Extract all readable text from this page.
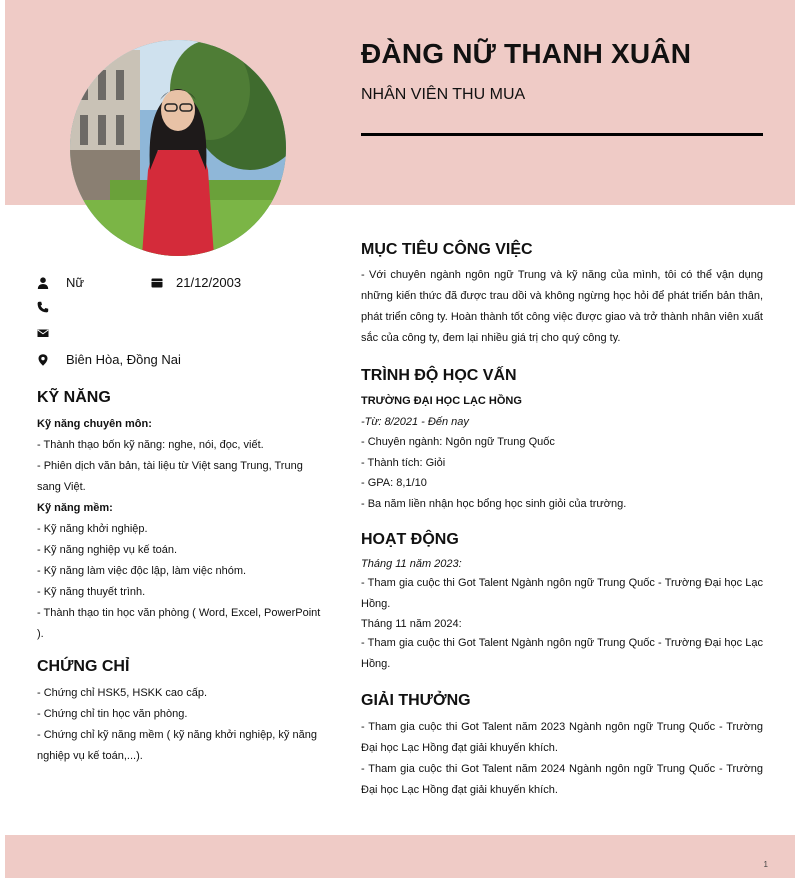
1
ĐÀNG NỮ THANH XUÂN
NHÂN VIÊN THU MUA
Nữ	21/12/2003
Biên Hòa, Đồng Nai
KỸ NĂNG

Kỹ năng chuyên môn:

- Thành thạo bốn kỹ năng: nghe, nói, đọc, viết.

- Phiên dịch văn bản, tài liệu từ Việt sang Trung, Trung sang Việt.

Kỹ năng mềm:

- Kỹ năng khởi nghiệp.

- Kỹ năng nghiệp vụ kế toán.

- Kỹ năng làm việc độc lập, làm việc nhóm.

- Kỹ năng thuyết trình.

- Thành thạo tin học văn phòng ( Word, Excel, PowerPoint ).

CHỨNG CHỈ

- Chứng chỉ HSK5, HSKK cao cấp.

- Chứng chỉ tin học văn phòng.

- Chứng chỉ kỹ năng mềm ( kỹ năng khởi nghiệp, kỹ năng nghiệp vụ kế toán,...).

MỤC TIÊU CÔNG VIỆC
- Với chuyên ngành ngôn ngữ Trung và kỹ năng của mình, tôi có thể vận dụng những kiến thức đã được trau dồi và không ngừng học hỏi để phát triển bản thân, phát triển công ty. Hoàn thành tốt công việc được giao và trở thành nhân viên xuất sắc của công ty, đem lại nhiều giá trị cho quý công ty.
TRÌNH ĐỘ HỌC VẤN

TRƯỜNG ĐẠI HỌC LẠC HỒNG

-Từ: 8/2021 - Đến nay

- Chuyên ngành: Ngôn ngữ Trung Quốc

- Thành tích: Giỏi

- GPA: 8,1/10

- Ba năm liền nhận học bổng học sinh giỏi của trường.

HOẠT ĐỘNG

Tháng 11 năm 2023:

- Tham gia cuộc thi Got Talent Ngành ngôn ngữ Trung Quốc - Trường Đại học Lạc Hồng.

Tháng 11 năm 2024:

- Tham gia cuộc thi Got Talent Ngành ngôn ngữ Trung Quốc - Trường Đại học Lạc Hồng.

GIẢI THƯỞNG

- Tham gia cuộc thi Got Talent năm 2023 Ngành ngôn ngữ Trung Quốc - Trường Đại học Lạc Hồng đạt giải khuyến khích.

- Tham gia cuộc thi Got Talent năm 2024 Ngành ngôn ngữ Trung Quốc - Trường Đại học Lạc Hồng đạt giải khuyến khích.
